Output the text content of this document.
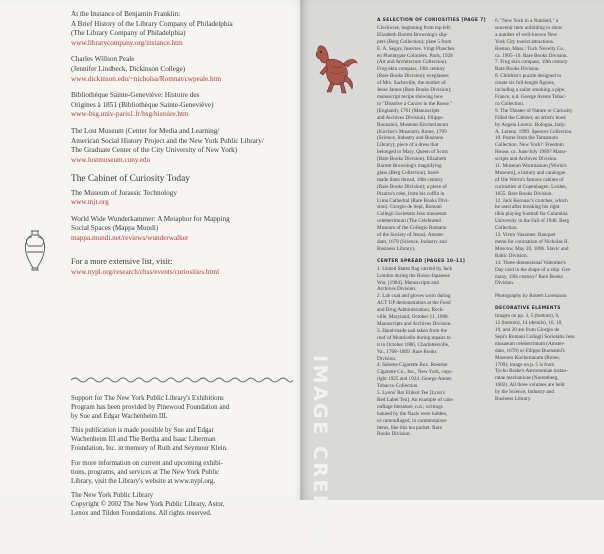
At the Instance of Benjamin Franklin:
A Brief History of the Library Company of Philadelphia
(The Library Company of Philadelphia)
www.librarycompany.org/instance.htm
Charles Willson Peale
(Jennifer Lindbeck, Dickinson College)
www.dickinson.edu/~nicholsa/Romnat/cwpeale.htm
Bibliothèque Sainte-Geneviève: Histoire des
Origines à 1851 (Bibliothèque Sainte-Geneviève)
www-bsg.univ-paris1.fr/bsg/histoire.htm
The Lost Museum (Center for Media and Learning/
American Social History Project and the New York Public Library/
The Graduate Center of the City University of New York)
www.lostmuseum.cuny.edu
The Cabinet of Curiosity Today
The Museum of Jurassic Technology
www.mjt.org
World Wide Wunderkammer: A Metaphor for Mapping
Social Spaces (Mappa Mundi)
mappa.mundi.net/reviews/wunderwalker
For a more extensive list, visit:
www.nypl.org/research/chss/events/curiosities.html
Support for The New York Public Library's Exhibitions
Program has been provided by Pinewood Foundation and
by Sue and Edgar Wachenheim III.
This publication is made possible by Sue and Edgar
Wachenheim III and The Bertha and Isaac Liberman
Foundation, Inc. in memory of Ruth and Seymour Klein.
For more information on current and upcoming exhibi-
tions, programs, and services at The New York Public
Library, visit the Library's website at www.nypl.org.
The New York Public Library
Copyright © 2002 The New York Public Library, Astor,
Lenox and Tilden Foundations. All rights reserved.	IMAGE CREDITS
A SELECTION OF CURIOSITIES [PAGE 7]
Clockwise, beginning from top left:
Elizabeth Barrett Browning's slip-
pers (Berg Collection); plate 5 from
E. A. Seguy, Insectes. Vingt Planches
en Phototypie Coloriées. Paris, 1928
(Art and Architecture Collection).
Frog-skin compass, 19th century
(Rare Books Division); eyeglasses
of Mrs. Sacheville, the mother of
Jesse James (Rare Books Division);
manuscript recipe showing how
to "Dissolve a Cancer in the Rosse."
(England), 1761 (Manuscripts
and Archives Division). Filippo
Buonanni, Museum Kircherianum
(Kircher's Museum). Rome, 1709
(Science, Industry and Business
Library); piece of a dress that
belonged to Mary, Queen of Scots
(Rare Books Division). Elizabeth
Barrett Browning's magnifying
glass (Berg Collection), hand-
made linen thread, 18th century
(Rare Books Division); a piece of
Pizarro's robe, from his coffin in
Lima Cathedral (Rare Books Divi-
sion). Giorgio de Sepi, Romani
Collegii Societatis Jesu musaeum
celeberrimum (The Celebrated
Museum of the Collegio Romano
of the Society of Jesus). Amster-
dam, 1678 (Science, Industry and
Business Library).
CENTER SPREAD [PAGES 10–11]
1. United States flag carried by Jack
London during the Russo-Japanese
War, [1904]. Manuscripts and
Archives Division.
2. Lab coat and gloves worn during
ACT UP demonstration at the Food
and Drug Administration, Rock-
ville, Maryland, October 11, 1988.
Manuscripts and Archives Division.
3. Hand-made nail taken from the
roof of Monticello during repairs to
it in October 1886, Charlottesville,
Va., 1768–1809. Rare Books
Division.
4. Salome Cigarette Box. Rosedor
Cigarette Co., Inc., New York, copy-
right 1925 and 1924. George Arents
Tobacco Collection.
5. Lyons' Rot Eliksrt Tee [Lyon's
Red Label Tea]. An example of cam-
ouflage literature, n.d.; writings
banned by the Nazis were hidden,
or camouflaged, in commonplace
items, like this tea packet. Rare
Books Division.
6. "New York in a Nutshell," a
souvenir item unfolding to show
a number of well-known New
York City tourist attractions.
Boston, Mass.: Tuck Novelty Co.,
ca. 1905–10. Rare Books Division.
7. Frog skin compass, 19th century
Rare Books Division.
8. Children's puzzle designed to
create six full-length figures,
including a sailor smoking a pipe.
France, n.d. George Arents Tobac-
co Collection.
9. The Theater of Nature or Curiosity
Filled the Cabinet, an artist's book
by Angela Lorenz. Bologna, Italy:
A. Lorenz, 1999. Spencer Collection.
10. Poster from the Tamamoto
Collection. New York?: Freedom
House, ca. June/July 1989? Manu-
scripts and Archives Division.
11. Museum Wormianum [Worm's
Museum], a history and catalogue
of Ole Worm's famous cabinet of
curiosities at Copenhagen. Leiden,
1655. Rare Books Division.
12. Jack Kerouac's crutches, which
he used after breaking his right
tibia playing football for Columbia
University in the Fall of 1940. Berg
Collection.
13. Victor Vasarnes: Banquet
menu for coronation of Nicholas II.
Moscow, May 20, 1896. Slavic and
Baltic Division.
14. Three-dimensional Valentine's
Day card in the shape of a ship. Ger-
many, 19th century? Rare Books
Division.
Photography by Robert Lorenzson
DECORATIVE ELEMENTS
Images on pp. 3, 5 (bottom), 9,
12 (bottom), 14 (details), 16, 18,
19, and 20 are from Giorgio de
Sepi's Romani Collegii Societatis Jesu
musaeum celeberrimum (Amster-
dam, 1678) or Filippo Buonanni's
Museum Kircherianum (Rome,
1709); image on p. 5 is from
Tycho Brahe's Astronomiae instau-
ratae mechanicae (Nuremberg,
1602). All three volumes are held
by the Science, Industry and
Business Library.
